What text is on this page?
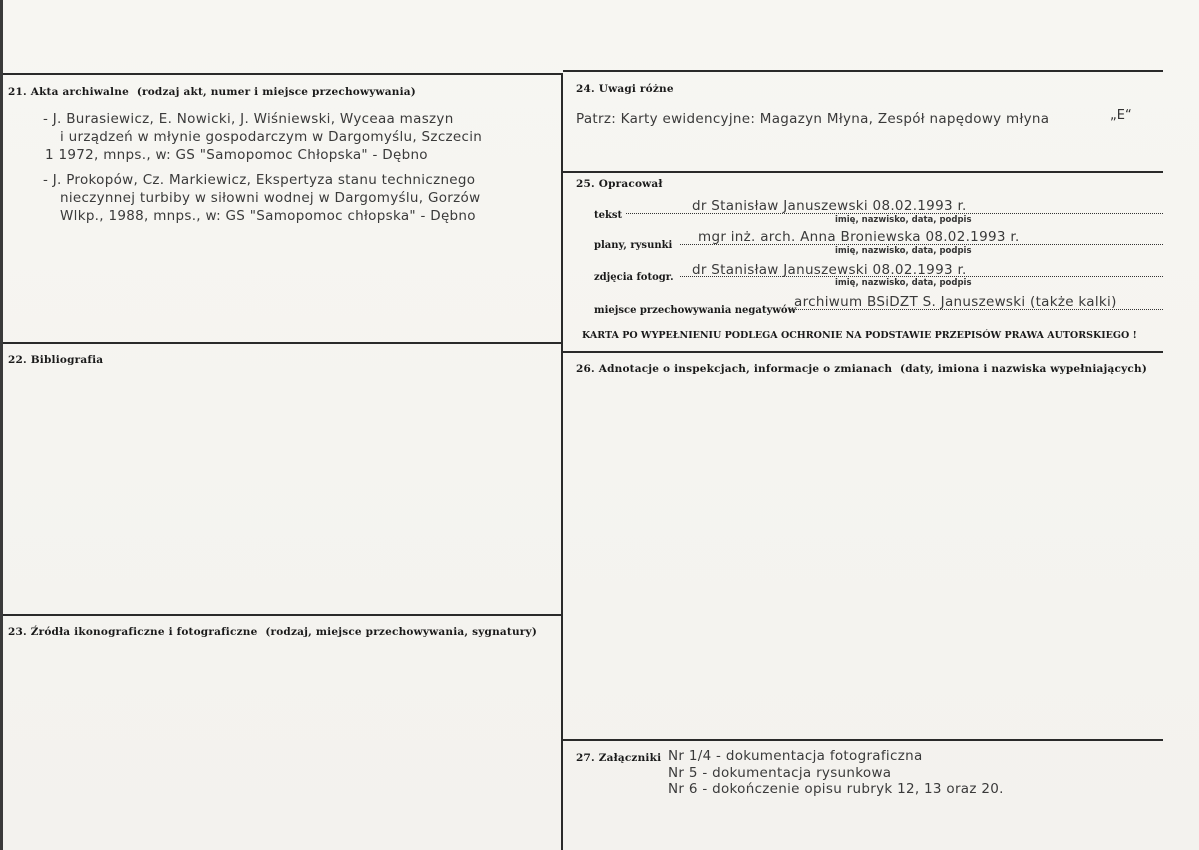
21. Akta archiwalne (rodzaj akt, numer i miejsce przechowywania)
- J. Burasiewicz, E. Nowicki, J. Wiśniewski, Wyceaa maszyn
i urządzeń w młynie gospodarczym w Dargomyślu, Szczecin
1 1972, mnps., w: GS "Samopomoc Chłopska" - Dębno
- J. Prokopów, Cz. Markiewicz, Ekspertyza stanu technicznego
nieczynnej turbiby w siłowni wodnej w Dargomyślu, Gorzów
Wlkp., 1988, mnps., w: GS "Samopomoc chłopska" - Dębno
22. Bibliografia
23. Źródła ikonograficzne i fotograficzne (rodzaj, miejsce przechowywania, sygnatury)
24. Uwagi różne
Patrz: Karty ewidencyjne: Magazyn Młyna, Zespół napędowy młyna	„E“
25. Opracował
tekst
dr Stanisław Januszewski 08.02.1993 r.
imię, nazwisko, data, podpis
plany, rysunki
mgr inż. arch. Anna Broniewska 08.02.1993 r.
imię, nazwisko, data, podpis
zdjęcia fotogr. dr Stanisław Januszewski 08.02.1993 r.
imię, nazwisko, data, podpis
miejsce przechowywania negatywów
archiwum BSiDZT S. Januszewski (także kalki)
KARTA PO WYPEŁNIENIU PODLEGA OCHRONIE NA PODSTAWIE PRZEPISÓW PRAWA AUTORSKIEGO !
26. Adnotacje o inspekcjach, informacje o zmianach (daty, imiona i nazwiska wypełniających)
27. Załączniki Nr 1/4 - dokumentacja fotograficzna
Nr 5 - dokumentacja rysunkowa
Nr 6 - dokończenie opisu rubryk 12, 13 oraz 20.
